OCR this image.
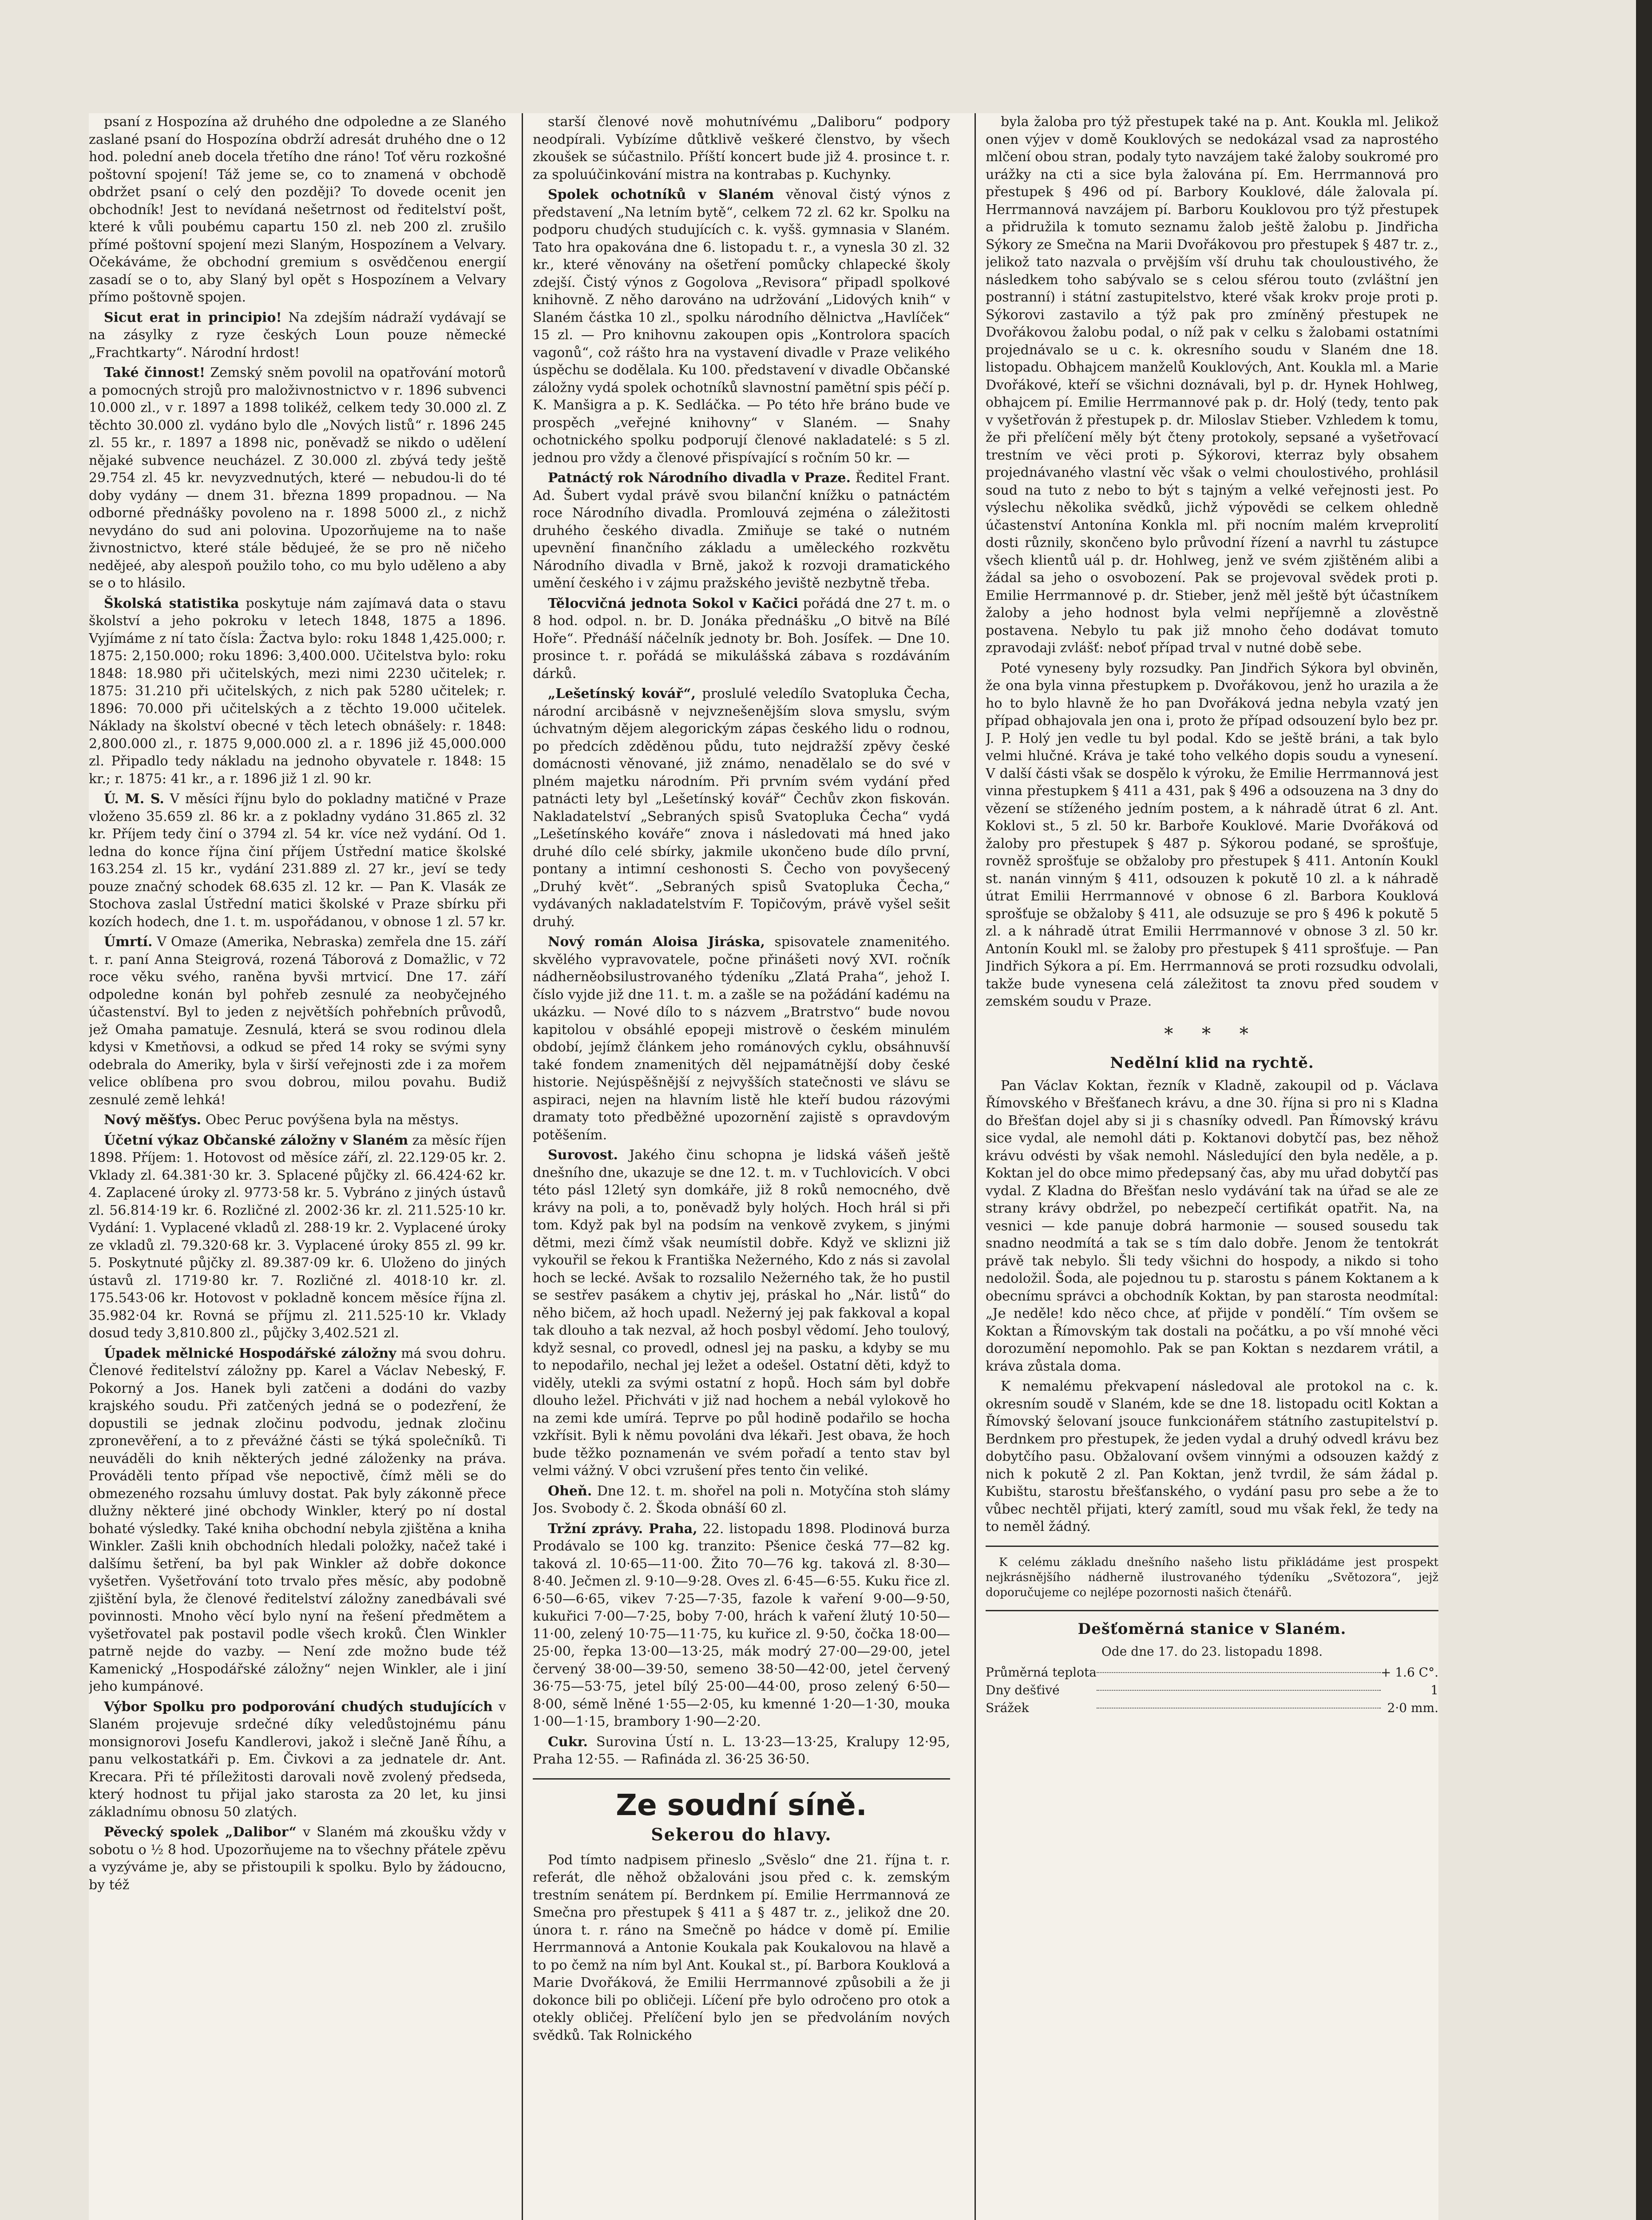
psaní z Hospozína až druhého dne odpoledne a ze Slaného zaslané psaní do Hospozína obdrží adresát druhého dne o 12 hod. polední aneb docela třetího dne ráno! Toť věru rozkošné poštovní spojení! Táž jeme se, co to znamená v obchodě obdržet psaní o celý den později? To dovede ocenit jen obchodník! Jest to nevídaná nešetrnost od ředitelství pošt, které k vůli poubému capartu 150 zl. neb 200 zl. zrušilo přímé poštovní spojení mezi Slaným, Hospozínem a Velvary. Očekáváme, že obchodní gremium s osvědčenou energií zasadí se o to, aby Slaný byl opět s Hospozínem a Velvary přímo poštovně spojen.

Sicut erat in principio! Na zdejším nádraží vydávají se na zásylky z ryze českých Loun pouze německé „Frachtkarty“. Národní hrdost!

Také činnost! Zemský sněm povolil na opatřování motorů a pomocných strojů pro maloživnostnictvo v r. 1896 subvenci 10.000 zl., v r. 1897 a 1898 tolikéž, celkem tedy 30.000 zl. Z těchto 30.000 zl. vydáno bylo dle „Nových listů“ r. 1896 245 zl. 55 kr., r. 1897 a 1898 nic, poněvadž se nikdo o udělení nějaké subvence neucházel. Z 30.000 zl. zbývá tedy ještě 29.754 zl. 45 kr. nevyzvednutých, které — nebudou-li do té doby vydány — dnem 31. března 1899 propadnou. — Na odborné přednášky povoleno na r. 1898 5000 zl., z nichž nevydáno do sud ani polovina. Upozorňujeme na to naše živnostnictvo, které stále bědujeé, že se pro ně ničeho nedějeé, aby alespoň použilo toho, co mu bylo uděleno a aby se o to hlásilo.

Školská statistika poskytuje nám zajímavá data o stavu školství a jeho pokroku v letech 1848, 1875 a 1896. Vyjímáme z ní tato čísla: Žactva bylo: roku 1848 1,425.000; r. 1875: 2,150.000; roku 1896: 3,400.000. Učitelstva bylo: roku 1848: 18.980 při učitelských, mezi nimi 2230 učitelek; r. 1875: 31.210 při učitelských, z nich pak 5280 učitelek; r. 1896: 70.000 při učitelských a z těchto 19.000 učitelek. Náklady na školství obecné v těch letech obnášely: r. 1848: 2,800.000 zl., r. 1875 9,000.000 zl. a r. 1896 již 45,000.000 zl. Připadlo tedy nákladu na jednoho obyvatele r. 1848: 15 kr.; r. 1875: 41 kr., a r. 1896 již 1 zl. 90 kr.

Ú. M. S. V měsíci říjnu bylo do pokladny matičné v Praze vloženo 35.659 zl. 86 kr. a z pokladny vydáno 31.865 zl. 32 kr. Příjem tedy činí o 3794 zl. 54 kr. více než vydání. Od 1. ledna do konce října činí příjem Ústřední matice školské 163.254 zl. 15 kr., vydání 231.889 zl. 27 kr., jeví se tedy pouze značný schodek 68.635 zl. 12 kr. — Pan K. Vlasák ze Stochova zaslal Ústřední matici školské v Praze sbírku při kozích hodech, dne 1. t. m. uspořádanou, v obnose 1 zl. 57 kr.

Úmrtí. V Omaze (Amerika, Nebraska) zemřela dne 15. září t. r. paní Anna Steigrová, rozená Táborová z Domažlic, v 72 roce věku svého, raněna byvši mrtvicí. Dne 17. září odpoledne konán byl pohřeb zesnulé za neobyčejného účastenství. Byl to jeden z největších pohřebních průvodů, jež Omaha pamatuje. Zesnulá, která se svou rodinou dlela kdysi v Kmetňovsi, a odkud se před 14 roky se svými syny odebrala do Ameriky, byla v širší veřejnosti zde i za mořem velice oblíbena pro svou dobrou, milou povahu. Budiž zesnulé země lehká!

Nový měšťys. Obec Peruc povýšena byla na městys.

Účetní výkaz Občanské záložny v Slaném za měsíc říjen 1898. Příjem: 1. Hotovost od měsíce září, zl. 22.129·05 kr. 2. Vklady zl. 64.381·30 kr. 3. Splacené půjčky zl. 66.424·62 kr. 4. Zaplacené úroky zl. 9773·58 kr. 5. Vybráno z jiných ústavů zl. 56.814·19 kr. 6. Rozličné zl. 2002·36 kr. zl. 211.525·10 kr. Vydání: 1. Vyplacené vkladů zl. 288·19 kr. 2. Vyplacené úroky ze vkladů zl. 79.320·68 kr. 3. Vyplacené úroky 855 zl. 99 kr. 5. Poskytnuté půjčky zl. 89.387·09 kr. 6. Uloženo do jiných ústavů zl. 1719·80 kr. 7. Rozličné zl. 4018·10 kr. zl. 175.543·06 kr. Hotovost v pokladně koncem měsíce října zl. 35.982·04 kr. Rovná se příjmu zl. 211.525·10 kr. Vklady dosud tedy 3,810.800 zl., půjčky 3,402.521 zl.

Úpadek mělnické Hospodářské záložny má svou dohru. Členové ředitelství záložny pp. Karel a Václav Nebeský, F. Pokorný a Jos. Hanek byli zatčeni a dodáni do vazby krajského soudu. Při zatčených jedná se o podezření, že dopustili se jednak zločinu podvodu, jednak zločinu zpronevěření, a to z převážné části se týká společníků. Ti neuváděli do knih některých jedné záloženky na práva. Prováděli tento případ vše nepoctivě, čímž měli se do obmezeného rozsahu úmluvy dostat. Pak byly zákonně přece dlužny některé jiné obchody Winkler, který po ní dostal bohaté výsledky. Také kniha obchodní nebyla zjištěna a kniha Winkler. Zašli knih obchodních hledali položky, načež také i dalšímu šetření, ba byl pak Winkler až dobře dokonce vyšetřen. Vyšetřování toto trvalo přes měsíc, aby podobně zjištění byla, že členové ředitelství záložny zanedbávali své povinnosti. Mnoho věcí bylo nyní na řešení předmětem a vyšetřovatel pak postavil podle všech kroků. Člen Winkler patrně nejde do vazby. — Není zde možno bude též Kamenický „Hospodářské záložny“ nejen Winkler, ale i jiní jeho kumpánové.

Výbor Spolku pro podporování chudých studujících v Slaném projevuje srdečné díky veledůstojnému pánu monsignorovi Josefu Kandlerovi, jakož i slečně Janě Říhu, a panu velkostatkáři p. Em. Čivkovi a za jednatele dr. Ant. Krecara. Při té příležitosti darovali nově zvolený předseda, který hodnost tu přijal jako starosta za 20 let, ku jinsi základnímu obnosu 50 zlatých.

Pěvecký spolek „Dalibor“ v Slaném má zkoušku vždy v sobotu o ½ 8 hod. Upozorňujeme na to všechny přátele zpěvu a vyzýváme je, aby se přistoupili k spolku. Bylo by žádoucno, by též

starší členové nově mohutnívému „Daliboru“ podpory neodpírali. Vybízíme důtklivě veškeré členstvo, by všech zkoušek se súčastnilo. Příští koncert bude již 4. prosince t. r. za spoluúčinkování mistra na kontrabas p. Kuchynky.

Spolek ochotníků v Slaném věnoval čistý výnos z představení „Na letním bytě“, celkem 72 zl. 62 kr. Spolku na podporu chudých studujících c. k. vyšš. gymnasia v Slaném. Tato hra opakována dne 6. listopadu t. r., a vynesla 30 zl. 32 kr., které věnovány na ošetření pomůcky chlapecké školy zdejší. Čistý výnos z Gogolova „Revisora“ připadl spolkové knihovně. Z něho darováno na udržování „Lidových knih“ v Slaném částka 10 zl., spolku národního dělnictva „Havlíček“ 15 zl. — Pro knihovnu zakoupen opis „Kontrolora spacích vagonů“, což rášto hra na vystavení divadle v Praze velikého úspěchu se dodělala. Ku 100. představení v divadle Občanské záložny vydá spolek ochotníků slavnostní pamětní spis péčí p. K. Manšigra a p. K. Sedláčka. — Po této hře bráno bude ve prospěch „veřejné knihovny“ v Slaném. — Snahy ochotnického spolku podporují členové nakladatelé: s 5 zl. jednou pro vždy a členové přispívající s ročním 50 kr. —

Patnáctý rok Národního divadla v Praze. Ředitel Frant. Ad. Šubert vydal právě svou bilanční knížku o patnáctém roce Národního divadla. Promlouvá zejména o záležitosti druhého českého divadla. Zmiňuje se také o nutném upevnění finančního základu a uměleckého rozkvětu Národního divadla v Brně, jakož k rozvoji dramatického umění českého i v zájmu pražského jeviště nezbytně třeba.

Tělocvičná jednota Sokol v Kačici pořádá dne 27 t. m. o 8 hod. odpol. n. br. D. Jonáka přednášku „O bitvě na Bílé Hoře“. Přednáší náčelník jednoty br. Boh. Josífek. — Dne 10. prosince t. r. pořádá se mikulášská zábava s rozdáváním dárků.

„Lešetínský kovář“, proslulé veledílo Svatopluka Čecha, národní arcibásně v nejvznešenějším slova smyslu, svým úchvatným dějem alegorickým zápas českého lidu o rodnou, po předcích zděděnou půdu, tuto nejdražší zpěvy české domácnosti věnované, již známo, nenadělalo se do své v plném majetku národním. Při prvním svém vydání před patnácti lety byl „Lešetínský kovář“ Čechův zkon fiskován. Nakladatelství „Sebraných spisů Svatopluka Čecha“ vydá „Lešetínského kováře“ znova i následovati má hned jako druhé dílo celé sbírky, jakmile ukončeno bude dílo první, pontany a intimní ceshonosti S. Čecho von povyšecený „Druhý květ“. „Sebraných spisů Svatopluka Čecha,“ vydávaných nakladatelstvím F. Topičovým, právě vyšel sešit druhý.

Nový román Aloisa Jiráska, spisovatele znamenitého. skvělého vypravovatele, počne přinášeti nový XVI. ročník nádherněobsilustrovaného týdeníku „Zlatá Praha“, jehož I. číslo vyjde již dne 11. t. m. a zašle se na požádání kadému na ukázku. — Nové dílo to s názvem „Bratrstvo“ bude novou kapitolou v obsáhlé epopeji mistrově o českém minulém období, jejímž článkem jeho románových cyklu, obsáhnuvší také fondem znamenitých děl nejpamátnější doby české historie. Nejúspěšnější z nejvyšších statečnosti ve slávu se aspiraci, nejen na hlavním listě hle kteří budou rázovými dramaty toto předběžné upozornění zajistě s opravdovým potěšením.

Surovost. Jakého činu schopna je lidská vášeň ještě dnešního dne, ukazuje se dne 12. t. m. v Tuchlovicích. V obci této pásl 12letý syn domkáře, již 8 roků nemocného, dvě krávy na poli, a to, poněvadž byly holých. Hoch hrál si při tom. Když pak byl na podsím na venkově zvykem, s jinými dětmi, mezi čímž však neumístil dobře. Když ve sklizni již vykouřil se řekou k Františka Nežerného, Kdo z nás si zavolal hoch se lecké. Avšak to rozsalilo Nežerného tak, že ho pustil se sestřev pasákem a chytiv jej, práskal ho „Nár. listů“ do něho bičem, až hoch upadl. Nežerný jej pak fakkoval a kopal tak dlouho a tak nezval, až hoch posbyl vědomí. Jeho toulový, když sesnal, co provedl, odnesl jej na pasku, a kdyby se mu to nepodařilo, nechal jej ležet a odešel. Ostatní děti, když to viděly, utekli za svými ostatní z hopů. Hoch sám byl dobře dlouho ležel. Přichváti v již nad hochem a nebál vylokově ho na zemi kde umírá. Teprve po půl hodině podařilo se hocha vzkřísit. Byli k němu povoláni dva lékaři. Jest obava, že hoch bude těžko poznamenán ve svém pořadí a tento stav byl velmi vážný. V obci vzrušení přes tento čin veliké.

Oheň. Dne 12. t. m. shořel na poli n. Motyčína stoh slámy Jos. Svobody č. 2. Škoda obnáší 60 zl.

Tržní zprávy. Praha, 22. listopadu 1898. Plodinová burza Prodávalo se 100 kg. tranzito: Pšenice česká 77—82 kg. taková zl. 10·65—11·00. Žito 70—76 kg. taková zl. 8·30—8·40. Ječmen zl. 9·10—9·28. Oves zl. 6·45—6·55. Kuku řice zl. 6·50—6·65, vikev 7·25—7·35, fazole k vaření 9·00—9·50, kukuřici 7·00—7·25, boby 7·00, hrách k vaření žlutý 10·50—11·00, zelený 10·75—11·75, ku kuřice zl. 9·50, čočka 18·00—25·00, řepka 13·00—13·25, mák modrý 27·00—29·00, jetel červený 38·00—39·50, semeno 38·50—42·00, jetel červený 36·75—53·75, jetel bílý 25·00—44·00, proso zelený 6·50—8·00, sémě lněné 1·55—2·05, ku kmenné 1·20—1·30, mouka 1·00—1·15, brambory 1·90—2·20.

Cukr. Surovina Ústí n. L. 13·23—13·25, Kralupy 12·95, Praha 12·55. — Rafináda zl. 36·25 36·50.

Ze soudní síně.
Sekerou do hlavy.

Pod tímto nadpisem přineslo „Svěslo“ dne 21. října t. r. referát, dle něhož obžalováni jsou před c. k. zemským trestním senátem pí. Berdnkem pí. Emilie Herrmannová ze Smečna pro přestupek § 411 a § 487 tr. z., jelikož dne 20. února t. r. ráno na Smečně po hádce v domě pí. Emilie Herrmannová a Antonie Koukala pak Koukalovou na hlavě a to po čemž na ním byl Ant. Koukal st., pí. Barbora Kouklová a Marie Dvořáková, že Emilii Herrmannové způsobili a že ji dokonce bili po obličeji. Líčení pře bylo odročeno pro otok a otekly obličej. Přelíčení bylo jen se předvoláním nových svědků. Tak Rolnického

byla žaloba pro týž přestupek také na p. Ant. Koukla ml. Jelikož onen výjev v domě Kouklových se nedokázal vsad za naprostého mlčení obou stran, podaly tyto navzájem také žaloby soukromé pro urážky na cti a sice byla žalována pí. Em. Herrmannová pro přestupek § 496 od pí. Barbory Kouklové, dále žalovala pí. Herrmannová navzájem pí. Barboru Kouklovou pro týž přestupek a přidružila k tomuto seznamu žalob ještě žalobu p. Jindřicha Sýkory ze Smečna na Marii Dvořákovou pro přestupek § 487 tr. z., jelikož tato nazvala o prvějším vší druhu tak chouloustivého, že následkem toho sabývalo se s celou sférou touto (zvláštní jen postranní) i státní zastupitelstvo, které však krokv proje proti p. Sýkorovi zastavilo a týž pak pro zmíněný přestupek ne Dvořákovou žalobu podal, o níž pak v celku s žalobami ostatními projednávalo se u c. k. okresního soudu v Slaném dne 18. listopadu. Obhajcem manželů Kouklových, Ant. Kouklа ml. a Marie Dvořákové, kteří se všichni doznávali, byl p. dr. Hynek Hohlweg, obhajcem pí. Emilie Herrmannové pak p. dr. Holý (tedy, tento pak v vyšetřován ž přestupek p. dr. Miloslav Stieber. Vzhledem k tomu, že při přelíčení měly být čteny protokoly, sepsané a vyšetřovací trestním ve věci proti p. Sýkorovi, kterraz byly obsahem projednávaného vlastní věc však o velmi choulostivého, prohlásil soud na tuto z nebo to být s tajným a velké veřejnosti jest. Po výslechu několika svědků, jichž výpovědi se celkem ohledně účastenství Antonína Konkla ml. při nocním malém krveprolití dosti různily, skončeno bylo průvodní řízení a navrhl tu zástupce všech klientů uál p. dr. Hohlweg, jenž ve svém zjištěném alibi a žádal sa jeho o osvobození. Pak se projevoval svědek proti p. Emilie Herrmannové p. dr. Stieber, jenž měl ještě být účastníkem žaloby a jeho hodnost byla velmi nepříjemně a zlověstně postavena. Nebylo tu pak již mnoho čeho dodávat tomuto zpravodaji zvlášť: neboť případ trval v nutné době sebe.

Poté vyneseny byly rozsudky. Pan Jindřich Sýkora byl obviněn, že ona byla vinna přestupkem p. Dvořákovou, jenž ho urazila a že ho to bylo hlavně že ho pan Dvořáková jedna nebyla vzatý jen případ obhajovala jen ona i, proto že případ odsouzení bylo bez pr. J. P. Holý jen vedle tu byl podal. Kdo se ještě bráni, a tak bylo velmi hlučné. Kráva je také toho velkého dopis soudu a vynesení. V další části však se dospělo k výroku, že Emilie Herrmannová jest vinna přestupkem § 411 a 431, pak § 496 a odsouzena na 3 dny do vězení se stíženého jedním postem, a k náhradě útrat 6 zl. Ant. Koklovi st., 5 zl. 50 kr. Barboře Kouklové. Marie Dvořáková od žaloby pro přestupek § 487 p. Sýkorou podané, se sprošťuje, rovněž sprošťuje se obžaloby pro přestupek § 411. Antonín Koukl st. nanán vinným § 411, odsouzen k pokutě 10 zl. a k náhradě útrat Emilii Herrmannové v obnose 6 zl. Barbora Kouklová sprošťuje se obžaloby § 411, ale odsuzuje se pro § 496 k pokutě 5 zl. a k náhradě útrat Emilii Herrmannové v obnose 3 zl. 50 kr. Antonín Koukl ml. se žaloby pro přestupek § 411 sprošťuje. — Pan Jindřich Sýkora a pí. Em. Herrmannová se proti rozsudku odvolali, takže bude vynesena celá záležitost ta znovu před soudem v zemském soudu v Praze.

* * *
Nedělní klid na rychtě.

Pan Václav Koktan, řezník v Kladně, zakoupil od p. Václava Římovského v Břešťanech krávu, a dne 30. října si pro ni s Kladna do Břešťan dojel aby si ji s chasníky odvedl. Pan Římovský krávu sice vydal, ale nemohl dáti p. Koktanovi dobytčí pas, bez něhož krávu odvésti by však nemohl. Následující den byla neděle, a p. Koktan jel do obce mimo předepsaný čas, aby mu uřad dobytčí pas vydal. Z Kladna do Břešťan neslo vydávání tak na úřad se ale ze strany krávy obdržel, po nebezpečí certifikát opatřit. Na, na vesnici — kde panuje dobrá harmonie — soused sousedu tak snadno neodmítá a tak se s tím dalo dobře. Jenom že tentokrát právě tak nebylo. Šli tedy všichni do hospody, a nikdo si toho nedoložil. Šoda, ale pojednou tu p. starostu s pánem Koktanem a k obecnímu správci a obchodník Koktan, by pan starosta neodmítal: „Je neděle! kdo něco chce, ať přijde v pondělí.“ Tím ovšem se Koktan a Římovským tak dostali na počátku, a po vší mnohé věci dorozumění nepomohlo. Pak se pan Koktan s nezdarem vrátil, a kráva zůstala doma.

K nemalému překvapení následoval ale protokol na c. k. okresním soudě v Slaném, kde se dne 18. listopadu ocitl Koktan a Římovský šelovaní jsouce funkcionářem státního zastupitelství p. Berdnkem pro přestupek, že jeden vydal a druhý odvedl krávu bez dobytčího pasu. Obžalovaní ovšem vinnými a odsouzen každý z nich k pokutě 2 zl. Pan Koktan, jenž tvrdil, že sám žádal p. Kubištu, starostu břešťanského, o vydání pasu pro sebe a že to vůbec nechtěl přijati, který zamítl, soud mu však řekl, že tedy na to neměl žádný.

K celému základu dnešního našeho listu přikládáme jest prospekt nejkrásnějšího nádherně ilustrovaného týdeníku „Světozora“, jejž doporučujeme co nejlépe pozornosti našich čtenářů.

Dešťoměrná stanice v Slaném.
Ode dne 17. do 23. listopadu 1898.
Průměrná teplota		+ 1.6 C°.
Dny dešťivé		1
Srážek		2·0 mm.
